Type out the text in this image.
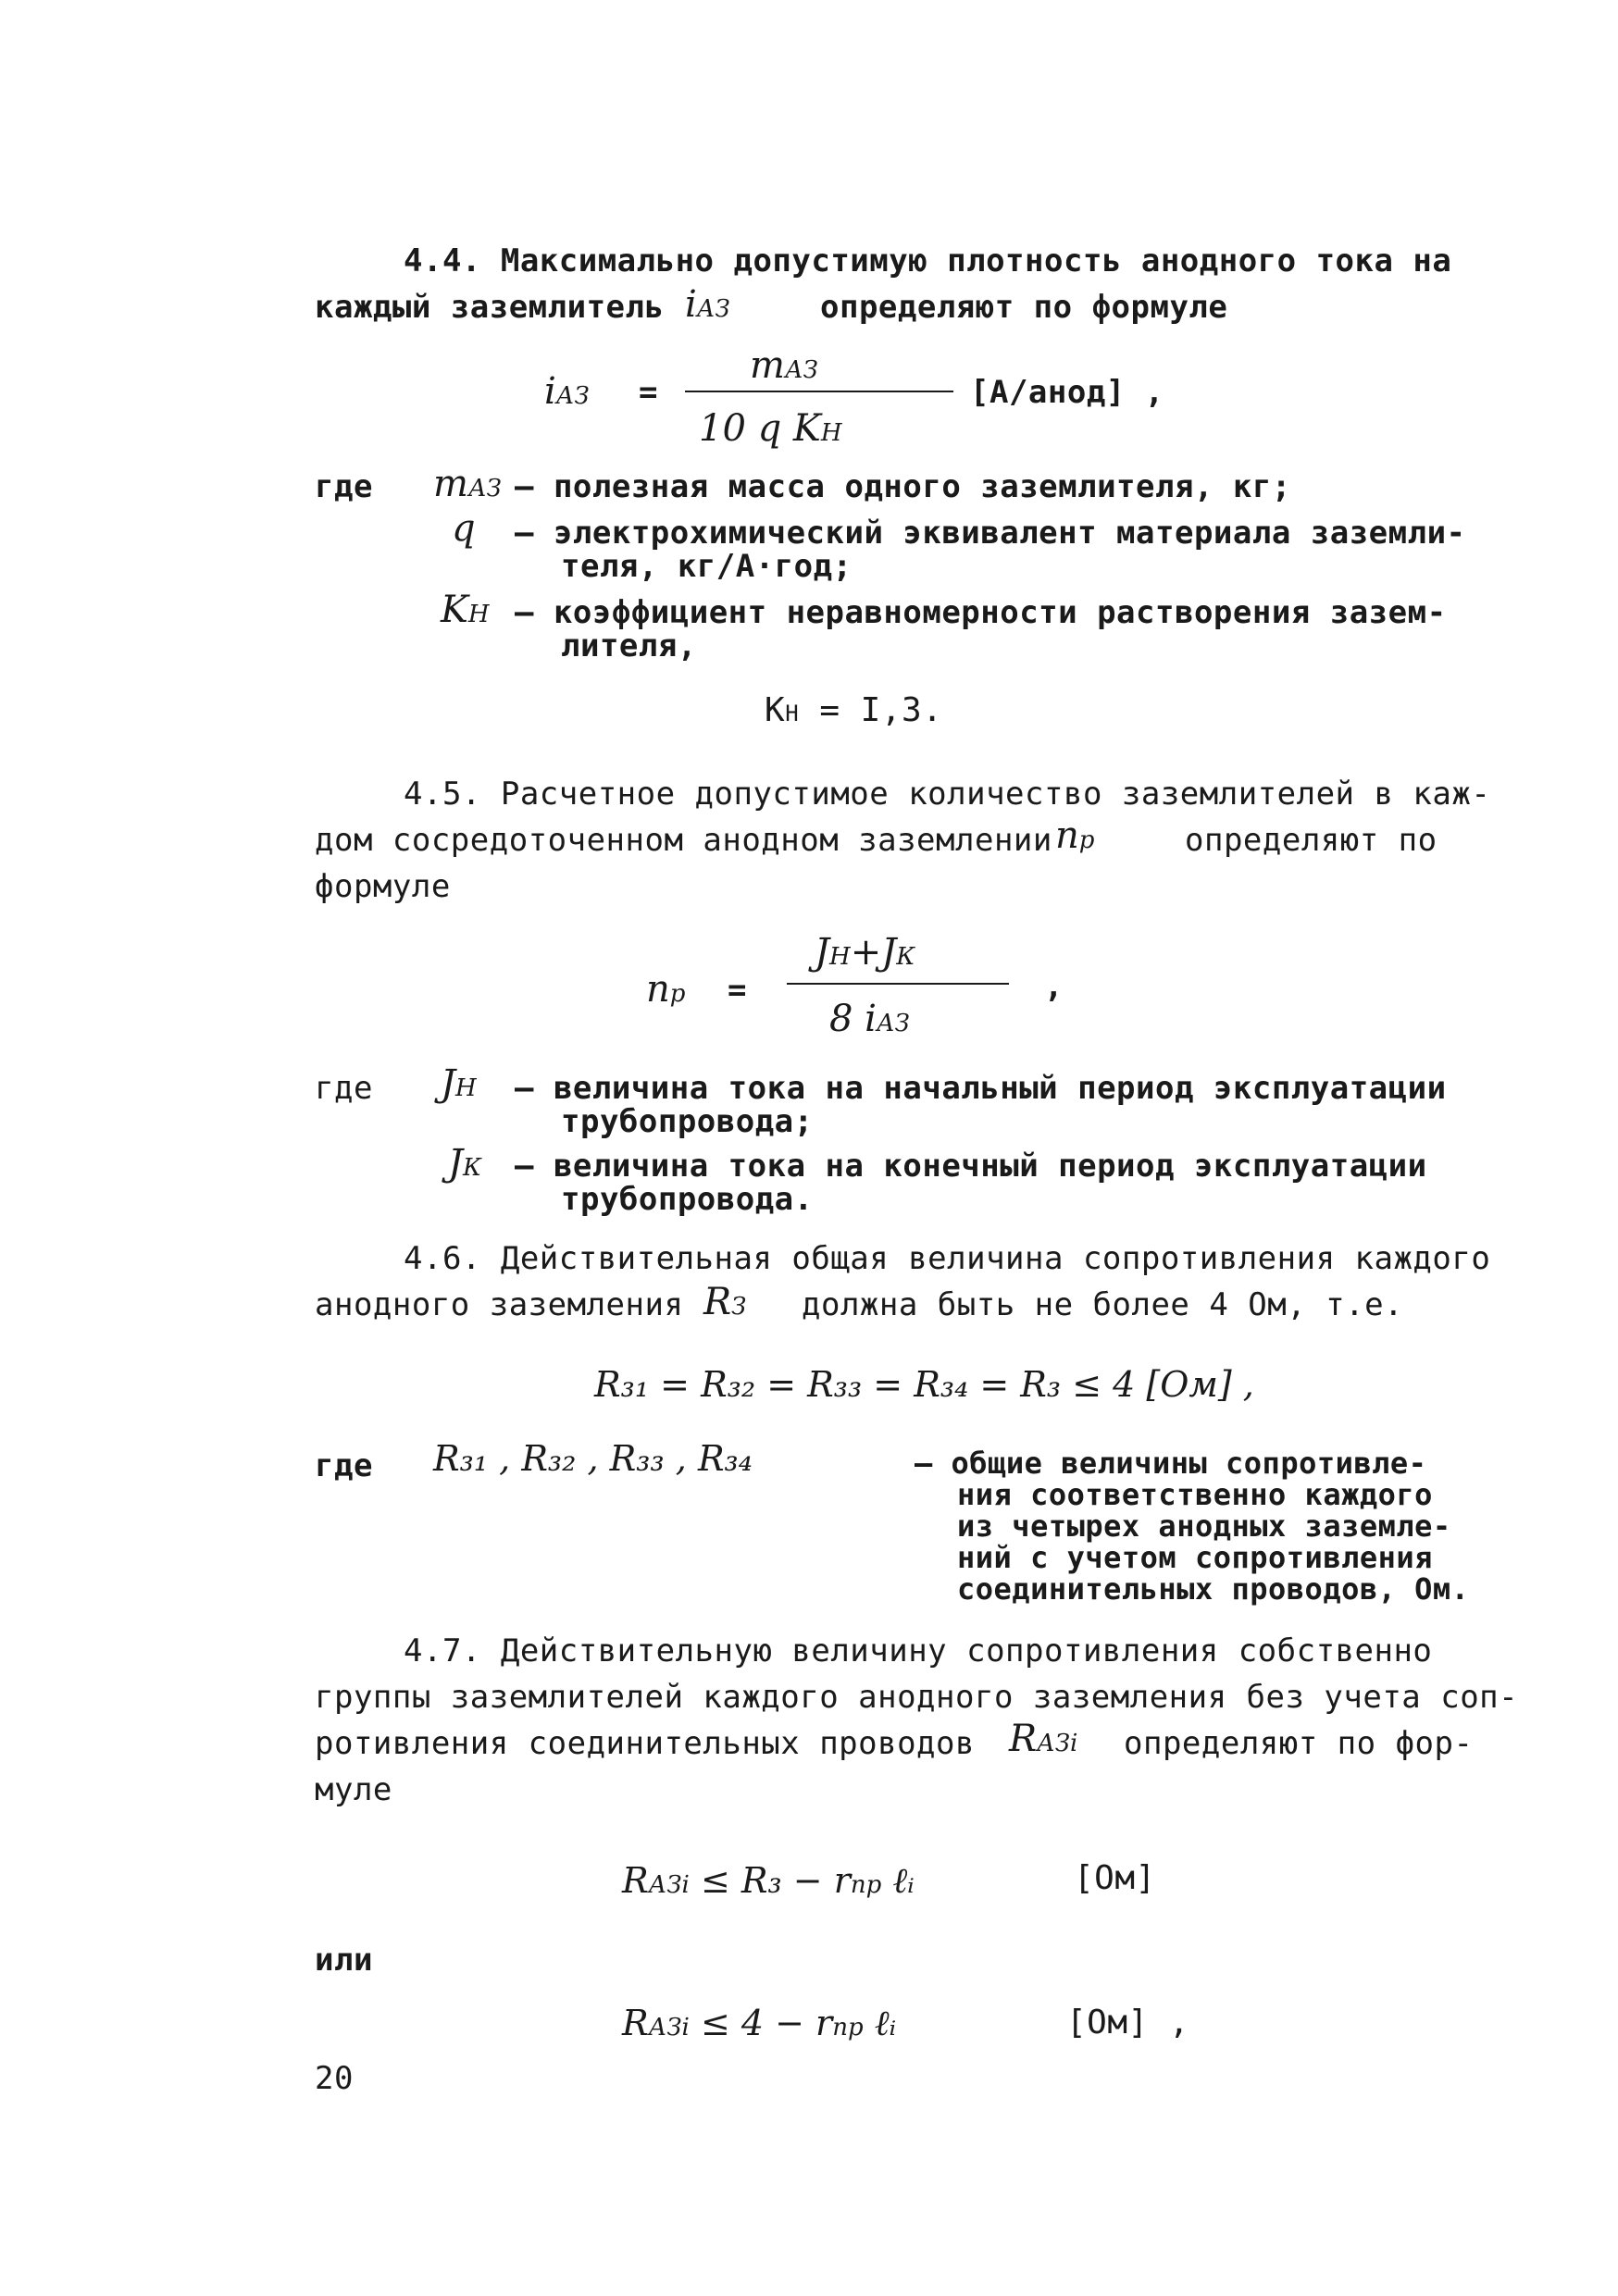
4.4. Максимально допустимую плотность анодного тока на
каждый заземлитель iАЗ	определяют по формуле
iАЗ =
mАЗ
10 q KН
[А/анод] ,
где mАЗ – полезная масса одного заземлителя, кг;
q – электрохимический эквивалент материала заземли-
теля, кг/А·год;
KН – коэффициент неравномерности растворения зазем-
лителя,
KН = I,3.
4.5. Расчетное допустимое количество заземлителей в каж-
дом сосредоточенном анодном заземлении nр	определяют по
формуле
nр =
JН+JК
8 iАЗ
,
где JН – величина тока на начальный период эксплуатации
трубопровода;
JК – величина тока на конечный период эксплуатации
трубопровода.
4.6. Действительная общая величина сопротивления каждого
анодного заземления RЗ должна быть не более 4 Ом, т.е.
R₃₁ = R₃₂ = R₃₃ = R₃₄ = R₃ ≤ 4 [Ом] ,
где R₃₁ , R₃₂ , R₃₃ , R₃₄	– общие величины сопротивле-
ния соответственно каждого
из четырех анодных заземле-
ний с учетом сопротивления
соединительных проводов, Ом.
4.7. Действительную величину сопротивления собственно
группы заземлителей каждого анодного заземления без учета соп-
ротивления соединительных проводов RАЗi определяют по фор-
муле
RАЗi ≤ R₃ − rпр ℓᵢ	[Ом]
или
RАЗi ≤ 4 − rпр ℓᵢ	[Ом] ,
20
